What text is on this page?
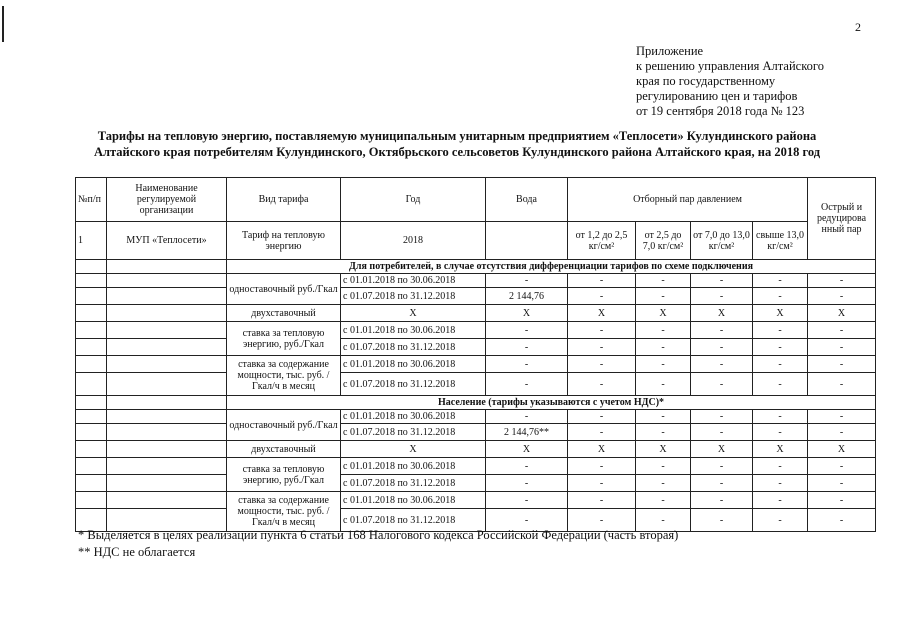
2
Приложение
к решению управления Алтайского
края по государственному
регулированию цен и тарифов
от 19 сентября 2018 года № 123
Тарифы на тепловую энергию, поставляемую муниципальным унитарным предприятием «Теплосети» Кулундинского района
Алтайского края потребителям Кулундинского, Октябрьского сельсоветов Кулундинского района Алтайского края, на 2018 год
№п/п	Наименование регулируемой организации	Вид тарифа	Год	Вода	Отборный пар давлением				Острый и редуцирова нный пар
1	МУП «Теплосети»	Тариф на тепловую энергию	2018		от 1,2 до 2,5 кг/см²	от 2,5 до 7,0 кг/см²	от 7,0 до 13,0 кг/см²	свыше 13,0 кг/см²	
		Для потребителей, в случае отсутствия дифференциации тарифов по схеме подключения							
		одноставочный руб./Гкал	с 01.01.2018 по 30.06.2018	-	-	-	-	-	-
			с 01.07.2018 по 31.12.2018	2 144,76	-	-	-	-	-
		двухставочный	X	X	X	X	X	X	X
		ставка за тепловую энергию, руб./Гкал	с 01.01.2018 по 30.06.2018	-	-	-	-	-	-
			с 01.07.2018 по 31.12.2018	-	-	-	-	-	-
		ставка за содержание мощности, тыс. руб. /Гкал/ч в месяц	с 01.01.2018 по 30.06.2018	-	-	-	-	-	-
			с 01.07.2018 по 31.12.2018	-	-	-	-	-	-
		Население (тарифы указываются с учетом НДС)*							
		одноставочный руб./Гкал	с 01.01.2018 по 30.06.2018	-	-	-	-	-	-
			с 01.07.2018 по 31.12.2018	2 144,76**	-	-	-	-	-
		двухставочный	X	X	X	X	X	X	X
		ставка за тепловую энергию, руб./Гкал	с 01.01.2018 по 30.06.2018	-	-	-	-	-	-
			с 01.07.2018 по 31.12.2018	-	-	-	-	-	-
		ставка за содержание мощности, тыс. руб. /Гкал/ч в месяц	с 01.01.2018 по 30.06.2018	-	-	-	-	-	-
			с 01.07.2018 по 31.12.2018	-	-	-	-	-	-
* Выделяется в целях реализации пункта 6 статьи 168 Налогового кодекса Российской Федерации (часть вторая)
** НДС не облагается
